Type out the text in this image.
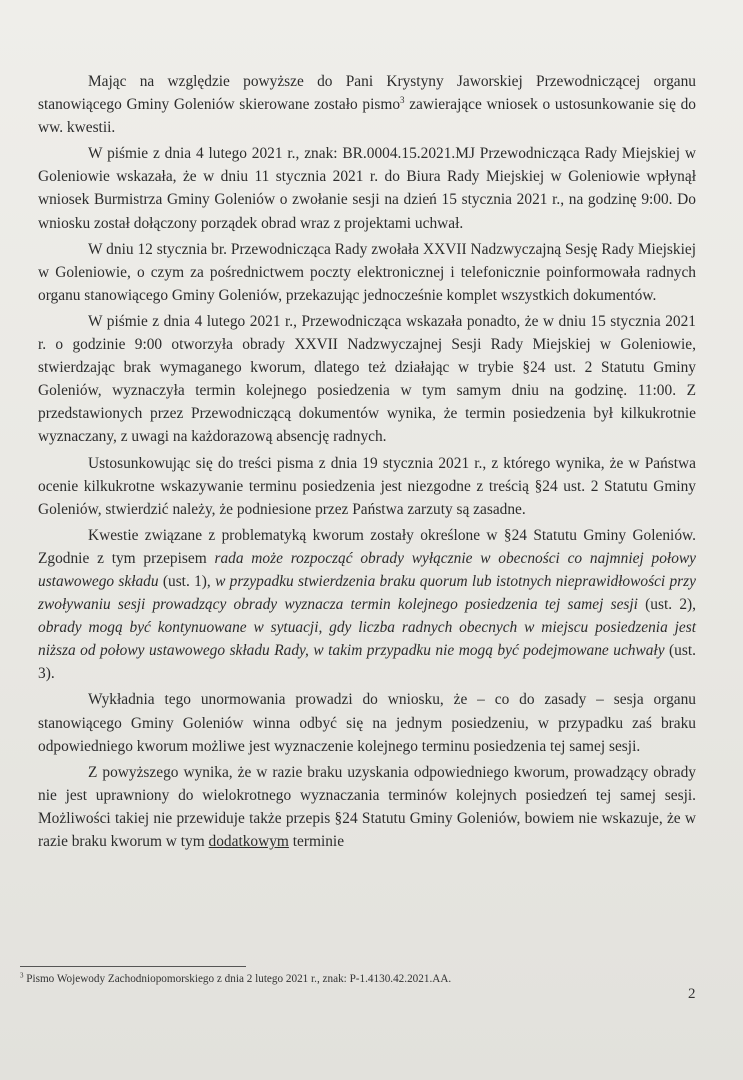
Mając na względzie powyższe do Pani Krystyny Jaworskiej Przewodniczącej organu stanowiącego Gminy Goleniów skierowane zostało pismo$^3$ zawierające wniosek o ustosunkowanie się do ww. kwestii.

W piśmie z dnia 4 lutego 2021 r., znak: BR.0004.15.2021.MJ Przewodnicząca Rady Miejskiej w Goleniowie wskazała, że w dniu 11 stycznia 2021 r. do Biura Rady Miejskiej w Goleniowie wpłynął wniosek Burmistrza Gminy Goleniów o zwołanie sesji na dzień 15 stycznia 2021 r., na godzinę 9:00. Do wniosku został dołączony porządek obrad wraz z projektami uchwał.

W dniu 12 stycznia br. Przewodnicząca Rady zwołała XXVII Nadzwyczajną Sesję Rady Miejskiej w Goleniowie, o czym za pośrednictwem poczty elektronicznej i telefonicznie poinformowała radnych organu stanowiącego Gminy Goleniów, przekazując jednocześnie komplet wszystkich dokumentów.

W piśmie z dnia 4 lutego 2021 r., Przewodnicząca wskazała ponadto, że w dniu 15 stycznia 2021 r. o godzinie 9:00 otworzyła obrady XXVII Nadzwyczajnej Sesji Rady Miejskiej w Goleniowie, stwierdzając brak wymaganego kworum, dlatego też działając w trybie §24 ust. 2 Statutu Gminy Goleniów, wyznaczyła termin kolejnego posiedzenia w tym samym dniu na godzinę. 11:00. Z przedstawionych przez Przewodniczącą dokumentów wynika, że termin posiedzenia był kilkukrotnie wyznaczany, z uwagi na każdorazową absencję radnych.

Ustosunkowując się do treści pisma z dnia 19 stycznia 2021 r., z którego wynika, że w Państwa ocenie kilkukrotne wskazywanie terminu posiedzenia jest niezgodne z treścią §24 ust. 2 Statutu Gminy Goleniów, stwierdzić należy, że podniesione przez Państwa zarzuty są zasadne.

Kwestie związane z problematyką kworum zostały określone w §24 Statutu Gminy Goleniów. Zgodnie z tym przepisem rada może rozpocząć obrady wyłącznie w obecności co najmniej połowy ustawowego składu (ust. 1), w przypadku stwierdzenia braku quorum lub istotnych nieprawidłowości przy zwoływaniu sesji prowadzący obrady wyznacza termin kolejnego posiedzenia tej samej sesji (ust. 2), obrady mogą być kontynuowane w sytuacji, gdy liczba radnych obecnych w miejscu posiedzenia jest niższa od połowy ustawowego składu Rady, w takim przypadku nie mogą być podejmowane uchwały (ust. 3).

Wykładnia tego unormowania prowadzi do wniosku, że – co do zasady – sesja organu stanowiącego Gminy Goleniów winna odbyć się na jednym posiedzeniu, w przypadku zaś braku odpowiedniego kworum możliwe jest wyznaczenie kolejnego terminu posiedzenia tej samej sesji.

Z powyższego wynika, że w razie braku uzyskania odpowiedniego kworum, prowadzący obrady nie jest uprawniony do wielokrotnego wyznaczania terminów kolejnych posiedzeń tej samej sesji. Możliwości takiej nie przewiduje także przepis §24 Statutu Gminy Goleniów, bowiem nie wskazuje, że w razie braku kworum w tym dodatkowym terminie

$^3$ Pismo Wojewody Zachodniopomorskiego z dnia 2 lutego 2021 r., znak: P-1.4130.42.2021.AA.
2
